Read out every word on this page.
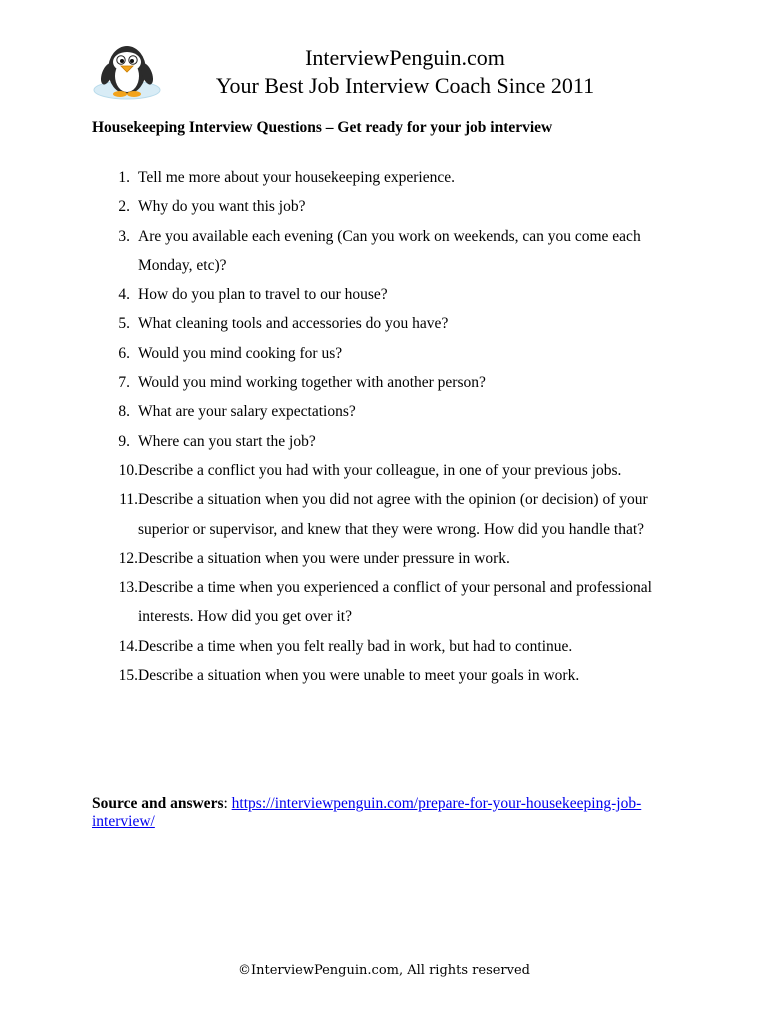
InterviewPenguin.com
Your Best Job Interview Coach Since 2011
Housekeeping Interview Questions – Get ready for your job interview
1. Tell me more about your housekeeping experience.
2. Why do you want this job?
3. Are you available each evening (Can you work on weekends, can you come each Monday, etc)?
4. How do you plan to travel to our house?
5. What cleaning tools and accessories do you have?
6. Would you mind cooking for us?
7. Would you mind working together with another person?
8. What are your salary expectations?
9. Where can you start the job?
10. Describe a conflict you had with your colleague, in one of your previous jobs.
11. Describe a situation when you did not agree with the opinion (or decision) of your superior or supervisor, and knew that they were wrong. How did you handle that?
12. Describe a situation when you were under pressure in work.
13. Describe a time when you experienced a conflict of your personal and professional interests. How did you get over it?
14. Describe a time when you felt really bad in work, but had to continue.
15. Describe a situation when you were unable to meet your goals in work.
Source and answers: https://interviewpenguin.com/prepare-for-your-housekeeping-job-interview/
©InterviewPenguin.com, All rights reserved
